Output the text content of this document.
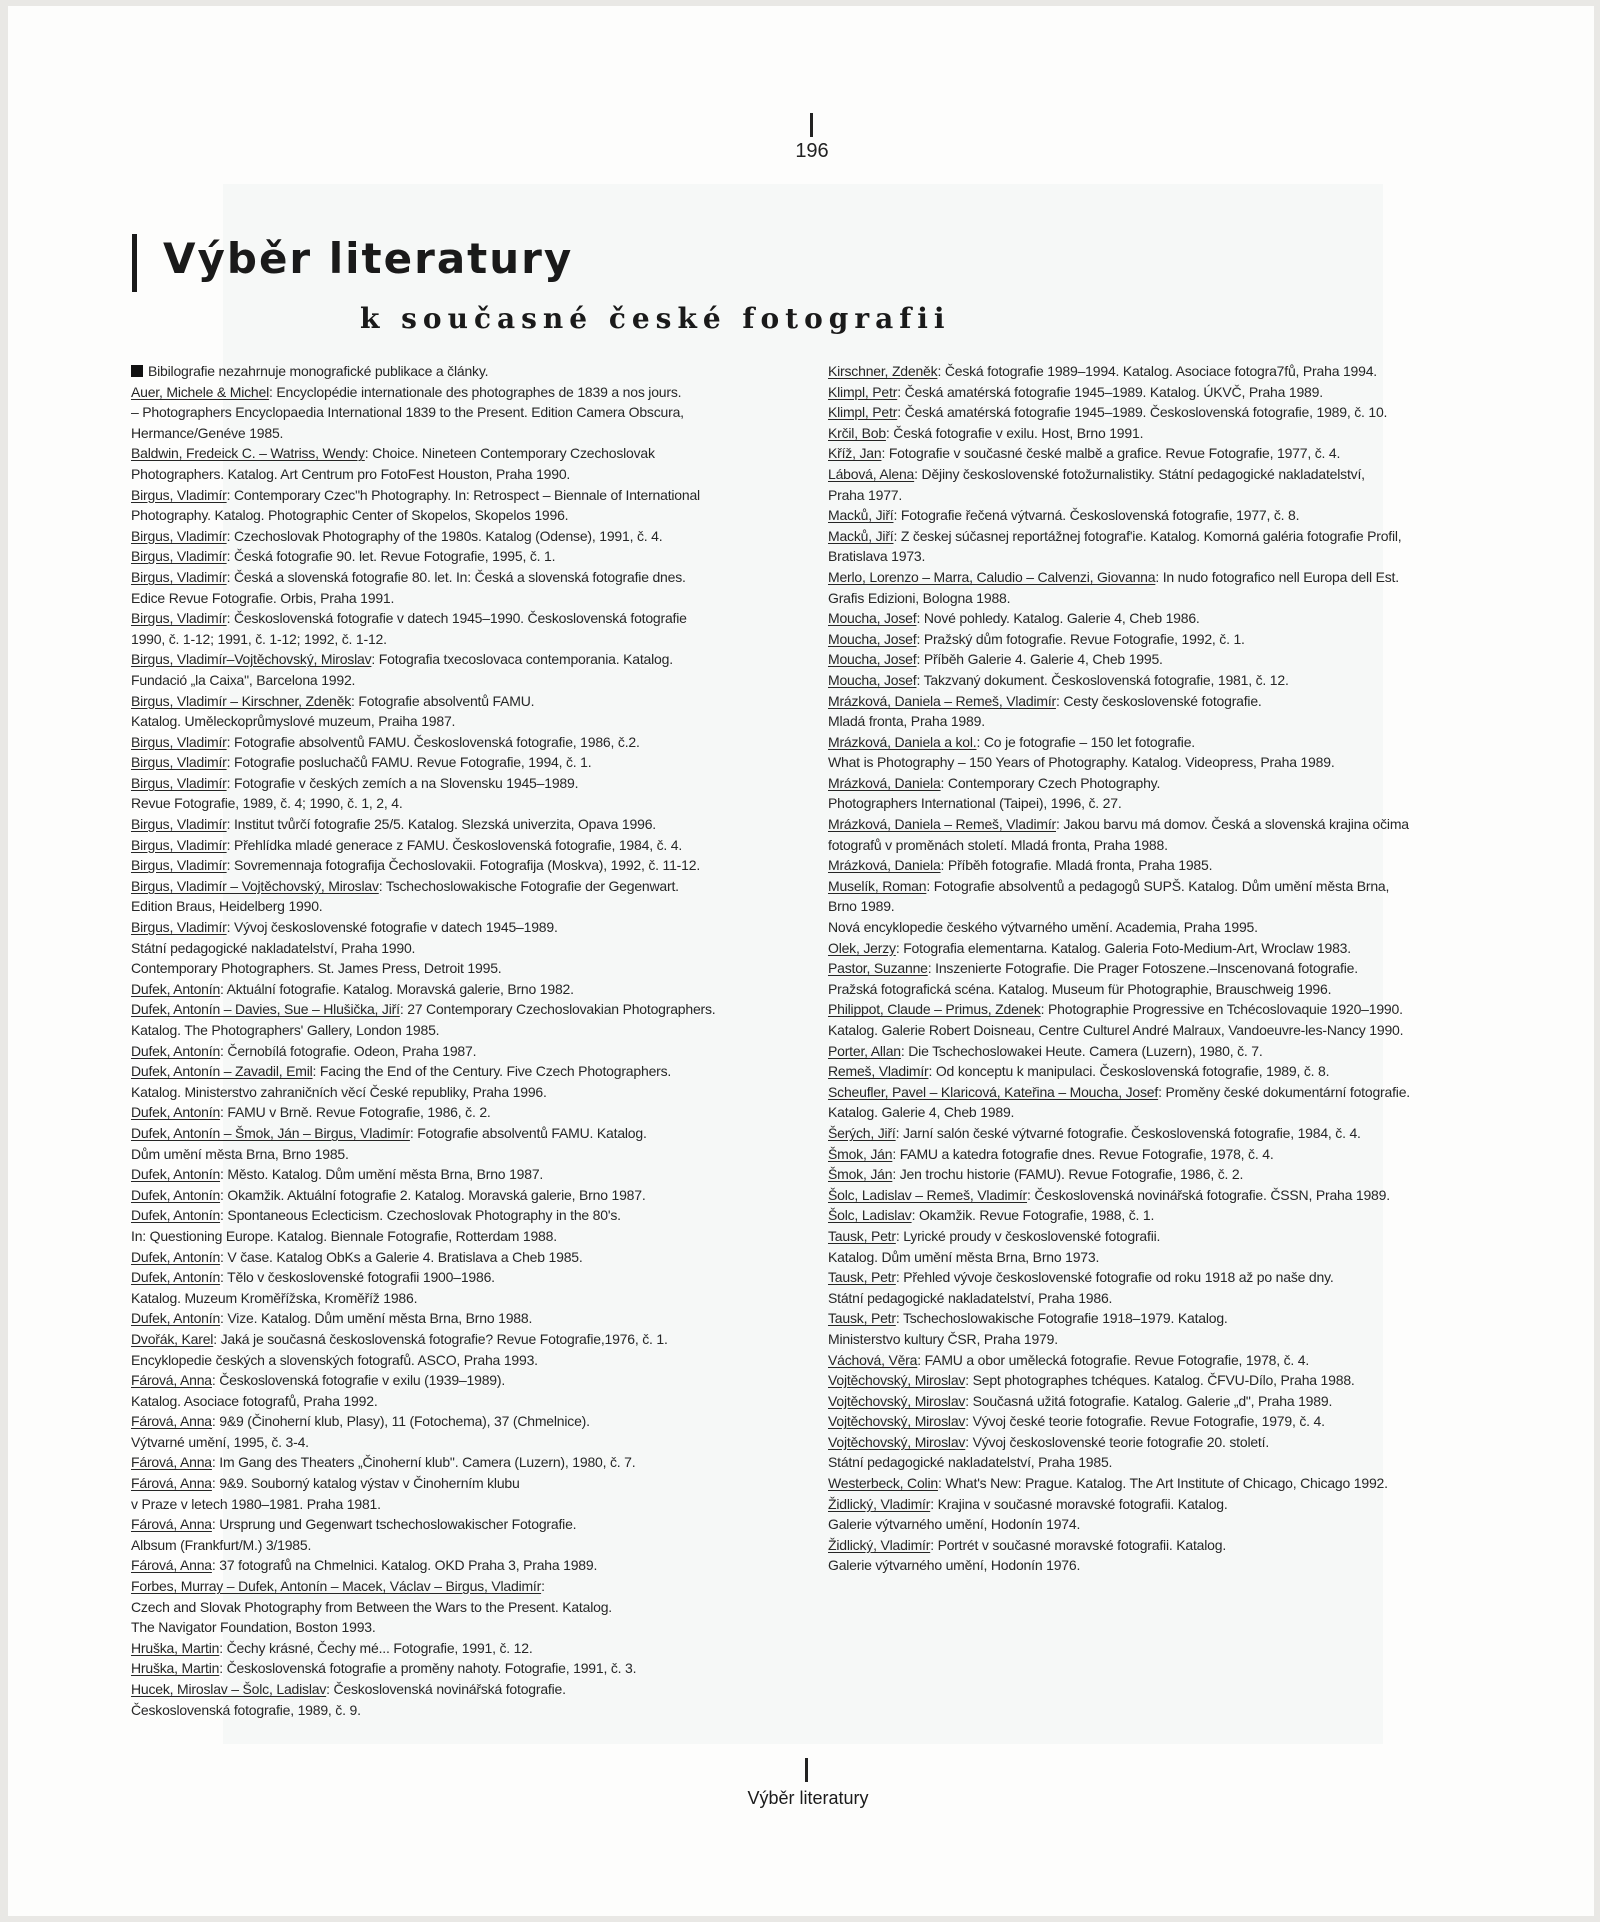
196
Výběr literatury
k současné české fotografii
Bibilografie nezahrnuje monografické publikace a články.
Auer, Michele & Michel: Encyclopédie internationale des photographes de 1839 a nos jours.
– Photographers Encyclopaedia International 1839 to the Present. Edition Camera Obscura,
Hermance/Genéve 1985.
Baldwin, Fredeick C. – Watriss, Wendy: Choice. Nineteen Contemporary Czechoslovak
Photographers. Katalog. Art Centrum pro FotoFest Houston, Praha 1990.
Birgus, Vladimír: Contemporary Czec"h Photography. In: Retrospect – Biennale of International
Photography. Katalog. Photographic Center of Skopelos, Skopelos 1996.
Birgus, Vladimír: Czechoslovak Photography of the 1980s. Katalog (Odense), 1991, č. 4.
Birgus, Vladimír: Česká fotografie 90. let. Revue Fotografie, 1995, č. 1.
Birgus, Vladimír: Česká a slovenská fotografie 80. let. In: Česká a slovenská fotografie dnes.
Edice Revue Fotografie. Orbis, Praha 1991.
Birgus, Vladimír: Československá fotografie v datech 1945–1990. Československá fotografie
1990, č. 1-12; 1991, č. 1-12; 1992, č. 1-12.
Birgus, Vladimír–Vojtěchovský, Miroslav: Fotografia txecoslovaca contemporania. Katalog.
Fundació „la Caixa", Barcelona 1992.
Birgus, Vladimír – Kirschner, Zdeněk: Fotografie absolventů FAMU.
Katalog. Uměleckoprůmyslové muzeum, Praiha 1987.
Birgus, Vladimír: Fotografie absolventů FAMU. Československá fotografie, 1986, č.2.
Birgus, Vladimír: Fotografie posluchačů FAMU. Revue Fotografie, 1994, č. 1.
Birgus, Vladimír: Fotografie v českých zemích a na Slovensku 1945–1989.
Revue Fotografie, 1989, č. 4; 1990, č. 1, 2, 4.
Birgus, Vladimír: Institut tvůrčí fotografie 25/5. Katalog. Slezská univerzita, Opava 1996.
Birgus, Vladimír: Přehlídka mladé generace z FAMU. Československá fotografie, 1984, č. 4.
Birgus, Vladimír: Sovremennaja fotografija Čechoslovakii. Fotografija (Moskva), 1992, č. 11-12.
Birgus, Vladimír – Vojtěchovský, Miroslav: Tschechoslowakische Fotografie der Gegenwart.
Edition Braus, Heidelberg 1990.
Birgus, Vladimír: Vývoj československé fotografie v datech 1945–1989.
Státní pedagogické nakladatelství, Praha 1990.
Contemporary Photographers. St. James Press, Detroit 1995.
Dufek, Antonín: Aktuální fotografie. Katalog. Moravská galerie, Brno 1982.
Dufek, Antonín – Davies, Sue – Hlušička, Jiří: 27 Contemporary Czechoslovakian Photographers.
Katalog. The Photographers' Gallery, London 1985.
Dufek, Antonín: Černobílá fotografie. Odeon, Praha 1987.
Dufek, Antonín – Zavadil, Emil: Facing the End of the Century. Five Czech Photographers.
Katalog. Ministerstvo zahraničních věcí České republiky, Praha 1996.
Dufek, Antonín: FAMU v Brně. Revue Fotografie, 1986, č. 2.
Dufek, Antonín – Šmok, Ján – Birgus, Vladimír: Fotografie absolventů FAMU. Katalog.
Dům umění města Brna, Brno 1985.
Dufek, Antonín: Město. Katalog. Dům umění města Brna, Brno 1987.
Dufek, Antonín: Okamžik. Aktuální fotografie 2. Katalog. Moravská galerie, Brno 1987.
Dufek, Antonín: Spontaneous Eclecticism. Czechoslovak Photography in the 80's.
In: Questioning Europe. Katalog. Biennale Fotografie, Rotterdam 1988.
Dufek, Antonín: V čase. Katalog ObKs a Galerie 4. Bratislava a Cheb 1985.
Dufek, Antonín: Tělo v československé fotografii 1900–1986.
Katalog. Muzeum Kroměřížska, Kroměříž 1986.
Dufek, Antonín: Vize. Katalog. Dům umění města Brna, Brno 1988.
Dvořák, Karel: Jaká je současná československá fotografie? Revue Fotografie,1976, č. 1.
Encyklopedie českých a slovenských fotografů. ASCO, Praha 1993.
Fárová, Anna: Československá fotografie v exilu (1939–1989).
Katalog. Asociace fotografů, Praha 1992.
Fárová, Anna: 9&9 (Činoherní klub, Plasy), 11 (Fotochema), 37 (Chmelnice).
Výtvarné umění, 1995, č. 3-4.
Fárová, Anna: Im Gang des Theaters „Činoherní klub". Camera (Luzern), 1980, č. 7.
Fárová, Anna: 9&9. Souborný katalog výstav v Činoherním klubu
v Praze v letech 1980–1981. Praha 1981.
Fárová, Anna: Ursprung und Gegenwart tschechoslowakischer Fotografie.
Albsum (Frankfurt/M.) 3/1985.
Fárová, Anna: 37 fotografů na Chmelnici. Katalog. OKD Praha 3, Praha 1989.
Forbes, Murray – Dufek, Antonín – Macek, Václav – Birgus, Vladimír:
Czech and Slovak Photography from Between the Wars to the Present. Katalog.
The Navigator Foundation, Boston 1993.
Hruška, Martin: Čechy krásné, Čechy mé... Fotografie, 1991, č. 12.
Hruška, Martin: Československá fotografie a proměny nahoty. Fotografie, 1991, č. 3.
Hucek, Miroslav – Šolc, Ladislav: Československá novinářská fotografie.
Československá fotografie, 1989, č. 9.
Kirschner, Zdeněk: Česká fotografie 1989–1994. Katalog. Asociace fotogra7fů, Praha 1994.
Klimpl, Petr: Česká amatérská fotografie 1945–1989. Katalog. ÚKVČ, Praha 1989.
Klimpl, Petr: Česká amatérská fotografie 1945–1989. Československá fotografie, 1989, č. 10.
Krčil, Bob: Česká fotografie v exilu. Host, Brno 1991.
Kříž, Jan: Fotografie v současné české malbě a grafice. Revue Fotografie, 1977, č. 4.
Lábová, Alena: Dějiny československé fotožurnalistiky. Státní pedagogické nakladatelství,
Praha 1977.
Macků, Jiří: Fotografie řečená výtvarná. Československá fotografie, 1977, č. 8.
Macků, Jiří: Z českej súčasnej reportážnej fotograf'ie. Katalog. Komorná galéria fotografie Profil,
Bratislava 1973.
Merlo, Lorenzo – Marra, Caludio – Calvenzi, Giovanna: In nudo fotografico nell Europa dell Est.
Grafis Edizioni, Bologna 1988.
Moucha, Josef: Nové pohledy. Katalog. Galerie 4, Cheb 1986.
Moucha, Josef: Pražský dům fotografie. Revue Fotografie, 1992, č. 1.
Moucha, Josef: Příběh Galerie 4. Galerie 4, Cheb 1995.
Moucha, Josef: Takzvaný dokument. Československá fotografie, 1981, č. 12.
Mrázková, Daniela – Remeš, Vladimír: Cesty československé fotografie.
Mladá fronta, Praha 1989.
Mrázková, Daniela a kol.: Co je fotografie – 150 let fotografie.
What is Photography – 150 Years of Photography. Katalog. Videopress, Praha 1989.
Mrázková, Daniela: Contemporary Czech Photography.
Photographers International (Taipei), 1996, č. 27.
Mrázková, Daniela – Remeš, Vladimír: Jakou barvu má domov. Česká a slovenská krajina očima
fotografů v proměnách století. Mladá fronta, Praha 1988.
Mrázková, Daniela: Příběh fotografie. Mladá fronta, Praha 1985.
Muselík, Roman: Fotografie absolventů a pedagogů SUPŠ. Katalog. Dům umění města Brna,
Brno 1989.
Nová encyklopedie českého výtvarného umění. Academia, Praha 1995.
Olek, Jerzy: Fotografia elementarna. Katalog. Galeria Foto-Medium-Art, Wroclaw 1983.
Pastor, Suzanne: Inszenierte Fotografie. Die Prager Fotoszene.–Inscenovaná fotografie.
Pražská fotografická scéna. Katalog. Museum für Photographie, Brauschweig 1996.
Philippot, Claude – Primus, Zdenek: Photographie Progressive en Tchécoslovaquie 1920–1990.
Katalog. Galerie Robert Doisneau, Centre Culturel André Malraux, Vandoeuvre-les-Nancy 1990.
Porter, Allan: Die Tschechoslowakei Heute. Camera (Luzern), 1980, č. 7.
Remeš, Vladimír: Od konceptu k manipulaci. Československá fotografie, 1989, č. 8.
Scheufler, Pavel – Klaricová, Kateřina – Moucha, Josef: Proměny české dokumentární fotografie.
Katalog. Galerie 4, Cheb 1989.
Šerých, Jiří: Jarní salón české výtvarné fotografie. Československá fotografie, 1984, č. 4.
Šmok, Ján: FAMU a katedra fotografie dnes. Revue Fotografie, 1978, č. 4.
Šmok, Ján: Jen trochu historie (FAMU). Revue Fotografie, 1986, č. 2.
Šolc, Ladislav – Remeš, Vladimír: Československá novinářská fotografie. ČSSN, Praha 1989.
Šolc, Ladislav: Okamžik. Revue Fotografie, 1988, č. 1.
Tausk, Petr: Lyrické proudy v československé fotografii.
Katalog. Dům umění města Brna, Brno 1973.
Tausk, Petr: Přehled vývoje československé fotografie od roku 1918 až po naše dny.
Státní pedagogické nakladatelství, Praha 1986.
Tausk, Petr: Tschechoslowakische Fotografie 1918–1979. Katalog.
Ministerstvo kultury ČSR, Praha 1979.
Váchová, Věra: FAMU a obor umělecká fotografie. Revue Fotografie, 1978, č. 4.
Vojtěchovský, Miroslav: Sept photographes tchéques. Katalog. ČFVU-Dílo, Praha 1988.
Vojtěchovský, Miroslav: Současná užitá fotografie. Katalog. Galerie „d", Praha 1989.
Vojtěchovský, Miroslav: Vývoj české teorie fotografie. Revue Fotografie, 1979, č. 4.
Vojtěchovský, Miroslav: Vývoj československé teorie fotografie 20. století.
Státní pedagogické nakladatelství, Praha 1985.
Westerbeck, Colin: What's New: Prague. Katalog. The Art Institute of Chicago, Chicago 1992.
Židlický, Vladimír: Krajina v současné moravské fotografii. Katalog.
Galerie výtvarného umění, Hodonín 1974.
Židlický, Vladimír: Portrét v současné moravské fotografii. Katalog.
Galerie výtvarného umění, Hodonín 1976.
Výběr literatury
